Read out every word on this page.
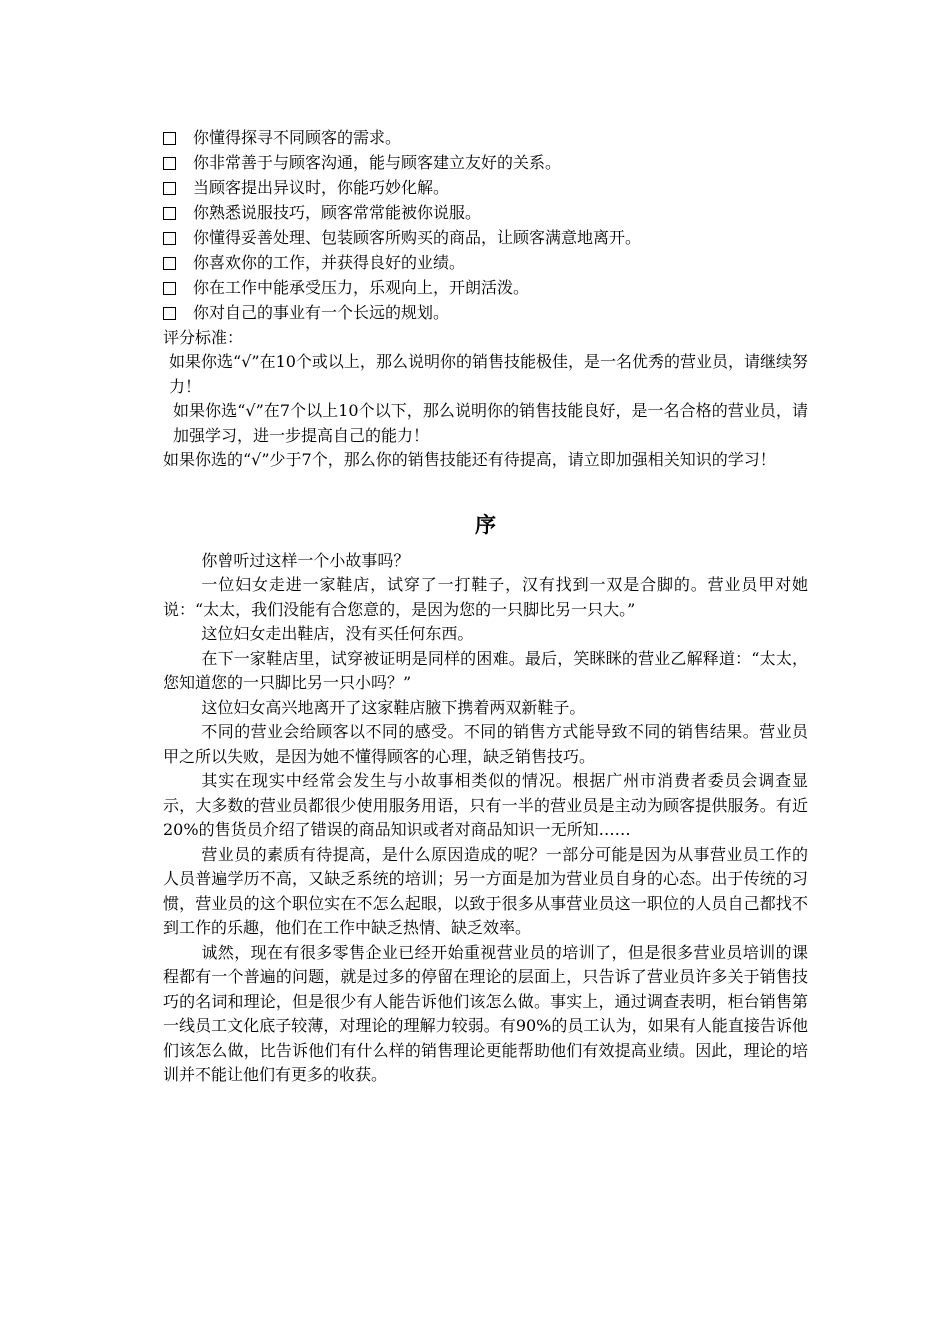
你懂得探寻不同顾客的需求。
你非常善于与顾客沟通，能与顾客建立友好的关系。
当顾客提出异议时，你能巧妙化解。
你熟悉说服技巧，顾客常常能被你说服。
你懂得妥善处理、包装顾客所购买的商品，让顾客满意地离开。
你喜欢你的工作，并获得良好的业绩。
你在工作中能承受压力，乐观向上，开朗活泼。
你对自己的事业有一个长远的规划。
评分标准：

如果你选“√”在10个或以上，那么说明你的销售技能极佳，是一名优秀的营业员，请继续努力！

如果你选“√”在7个以上10个以下，那么说明你的销售技能良好，是一名合格的营业员，请加强学习，进一步提高自己的能力！

如果你选的“√”少于7个，那么你的销售技能还有待提高，请立即加强相关知识的学习！

序

你曾听过这样一个小故事吗？

一位妇女走进一家鞋店，试穿了一打鞋子，汉有找到一双是合脚的。营业员甲对她说：“太太，我们没能有合您意的，是因为您的一只脚比另一只大。”

这位妇女走出鞋店，没有买任何东西。

在下一家鞋店里，试穿被证明是同样的困难。最后，笑眯眯的营业乙解释道：“太太，您知道您的一只脚比另一只小吗？”

这位妇女高兴地离开了这家鞋店腋下携着两双新鞋子。

不同的营业会给顾客以不同的感受。不同的销售方式能导致不同的销售结果。营业员甲之所以失败，是因为她不懂得顾客的心理，缺乏销售技巧。

其实在现实中经常会发生与小故事相类似的情况。根据广州市消费者委员会调查显示，大多数的营业员都很少使用服务用语，只有一半的营业员是主动为顾客提供服务。有近20%的售货员介绍了错误的商品知识或者对商品知识一无所知……

营业员的素质有待提高，是什么原因造成的呢？一部分可能是因为从事营业员工作的人员普遍学历不高，又缺乏系统的培训；另一方面是加为营业员自身的心态。出于传统的习惯，营业员的这个职位实在不怎么起眼，以致于很多从事营业员这一职位的人员自己都找不到工作的乐趣，他们在工作中缺乏热情、缺乏效率。

诚然，现在有很多零售企业已经开始重视营业员的培训了，但是很多营业员培训的课程都有一个普遍的问题，就是过多的停留在理论的层面上，只告诉了营业员许多关于销售技巧的名词和理论，但是很少有人能告诉他们该怎么做。事实上，通过调查表明，柜台销售第一线员工文化底子较薄，对理论的理解力较弱。有90%的员工认为，如果有人能直接告诉他们该怎么做，比告诉他们有什么样的销售理论更能帮助他们有效提高业绩。因此，理论的培训并不能让他们有更多的收获。
